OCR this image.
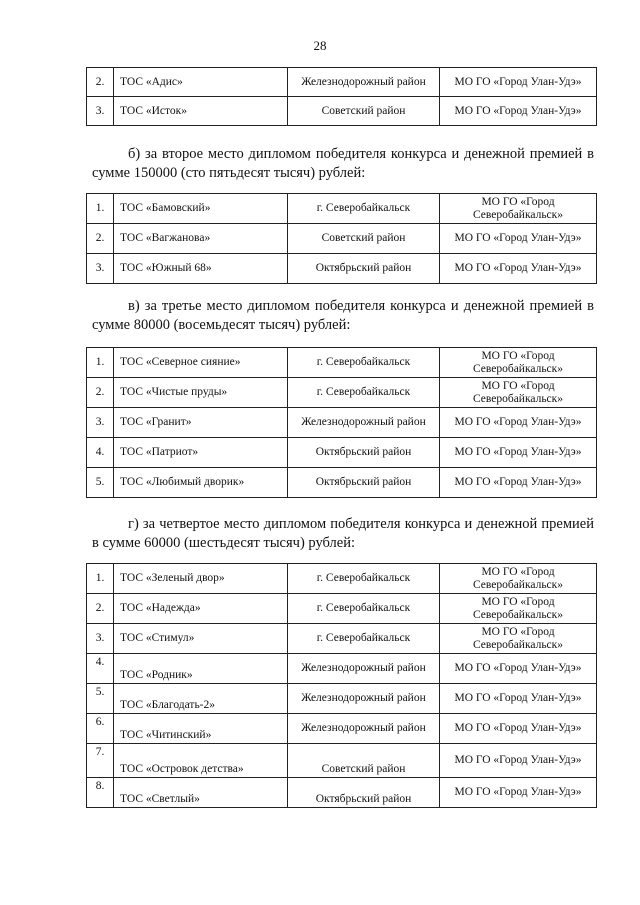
28
2.	ТОС «Адис»	Железнодорожный район	МО ГО «Город Улан-Удэ»
3.	ТОС «Исток»	Советский район	МО ГО «Город Улан-Удэ»
б) за второе место дипломом победителя конкурса и денежной премией в сумме 150000 (сто пятьдесят тысяч) рублей:
1.	ТОС «Бамовский»	г. Северобайкальск	МО ГО «Город Северобайкальск»
2.	ТОС «Вагжанова»	Советский район	МО ГО «Город Улан-Удэ»
3.	ТОС «Южный 68»	Октябрьский район	МО ГО «Город Улан-Удэ»
в) за третье место дипломом победителя конкурса и денежной премией в сумме 80000 (восемьдесят тысяч) рублей:
1.	ТОС «Северное сияние»	г. Северобайкальск	МО ГО «Город Северобайкальск»
2.	ТОС «Чистые пруды»	г. Северобайкальск	МО ГО «Город Северобайкальск»
3.	ТОС «Гранит»	Железнодорожный район	МО ГО «Город Улан-Удэ»
4.	ТОС «Патриот»	Октябрьский район	МО ГО «Город Улан-Удэ»
5.	ТОС «Любимый дворик»	Октябрьский район	МО ГО «Город Улан-Удэ»
г) за четвертое место дипломом победителя конкурса и денежной премией в сумме 60000 (шестьдесят тысяч) рублей:
1.	ТОС «Зеленый двор»	г. Северобайкальск	МО ГО «Город Северобайкальск»
2.	ТОС «Надежда»	г. Северобайкальск	МО ГО «Город Северобайкальск»
3.	ТОС «Стимул»	г. Северобайкальск	МО ГО «Город Северобайкальск»
4.	ТОС «Родник»	Железнодорожный район	МО ГО «Город Улан-Удэ»
5.	ТОС «Благодать-2»	Железнодорожный район	МО ГО «Город Улан-Удэ»
6.	ТОС «Читинский»	Железнодорожный район	МО ГО «Город Улан-Удэ»
7.	ТОС «Островок детства»	Советский район	МО ГО «Город Улан-Удэ»
8.	ТОС «Светлый»	Октябрьский район	МО ГО «Город Улан-Удэ»
